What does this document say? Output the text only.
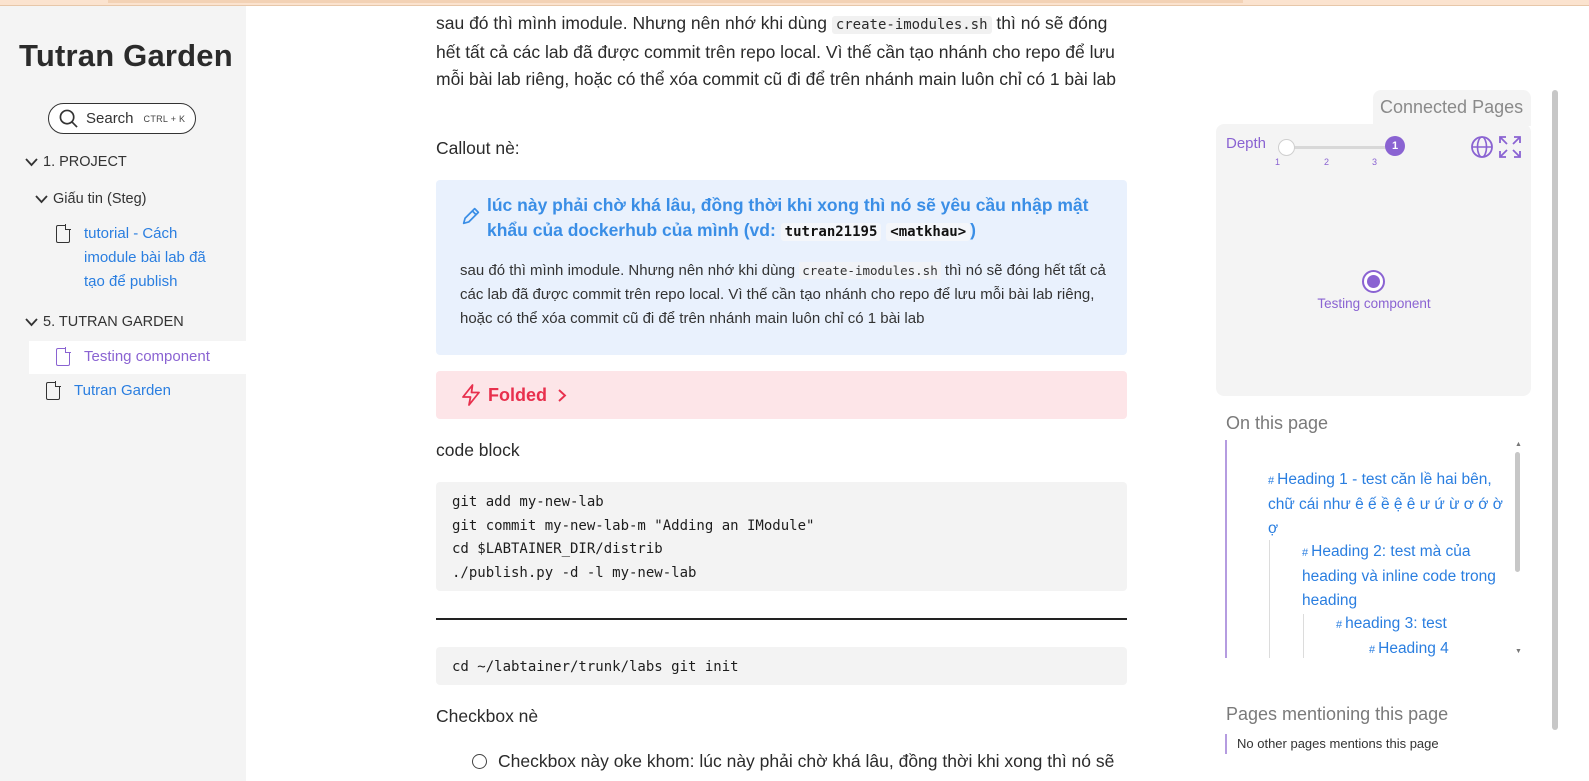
Tutran Garden
Search CTRL + K
1. PROJECT
Giấu tin (Steg)
tutorial - Cách imodule bài lab đã tạo để publish
5. TUTRAN GARDEN
Testing component
Tutran Garden

sau đó thì mình imodule. Nhưng nên nhớ khi dùng create-imodules.sh thì nó sẽ đóng hết tất cả các lab đã được commit trên repo local. Vì thế cần tạo nhánh cho repo để lưu mỗi bài lab riêng, hoặc có thể xóa commit cũ đi để trên nhánh main luôn chỉ có 1 bài lab

Callout nè:
lúc này phải chờ khá lâu, đồng thời khi xong thì nó sẽ yêu cầu nhập mật khẩu của dockerhub của mình (vd: tutran21195 <matkhau> )
sau đó thì mình imodule. Nhưng nên nhớ khi dùng create-imodules.sh thì nó sẽ đóng hết tất cả các lab đã được commit trên repo local. Vì thế cần tạo nhánh cho repo để lưu mỗi bài lab riêng, hoặc có thể xóa commit cũ đi để trên nhánh main luôn chỉ có 1 bài lab
Folded
code block
git add my-new-lab
git commit my-new-lab-m "Adding an IModule"
cd $LABTAINER_DIR/distrib
./publish.py -d -l my-new-lab
cd ~/labtainer/trunk/labs git init
Checkbox nè
Checkbox này oke khom: lúc này phải chờ khá lâu, đồng thời khi xong thì nó sẽ
Connected Pages
Depth
1	2	3
1
Testing component
On this page
# Heading 1 - test căn lề hai bên, chữ cái như ê ế ề ệ ê ư ứ ừ ơ ớ ờ ợ
# Heading 2: test mà của heading và inline code trong heading
# heading 3: test
# Heading 4
▲
▼
Pages mentioning this page
No other pages mentions this page
